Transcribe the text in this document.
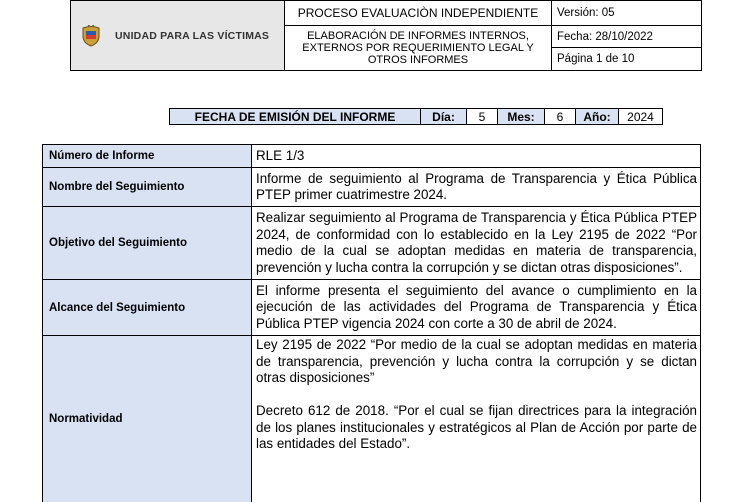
UNIDAD PARA LAS VÍCTIMAS
PROCESO EVALUACIÒN INDEPENDIENTE
ELABORACIÓN DE INFORMES INTERNOS, EXTERNOS POR REQUERIMIENTO LEGAL Y OTROS INFORMES
Versión: 05
Fecha: 28/10/2022
Página 1 de 10
FECHA DE EMISIÓN DEL INFORME	Día:	5	Mes:	6	Año:	2024
Número de Informe	RLE 1/3
Nombre del Seguimiento	Informe de seguimiento al Programa de Transparencia y Ética Pública PTEP primer cuatrimestre 2024.
Objetivo del Seguimiento	Realizar seguimiento al Programa de Transparencia y Ética Pública PTEP 2024, de conformidad con lo establecido en la Ley 2195 de 2022 “Por medio de la cual se adoptan medidas en materia de transparencia, prevención y lucha contra la corrupción y se dictan otras disposiciones”.
Alcance del Seguimiento	El informe presenta el seguimiento del avance o cumplimiento en la ejecución de las actividades del Programa de Transparencia y Ética Pública PTEP vigencia 2024 con corte a 30 de abril de 2024.
Normatividad	Ley 2195 de 2022 “Por medio de la cual se adoptan medidas en materia de transparencia, prevención y lucha contra la corrupción y se dictan otras disposiciones”

Decreto 612 de 2018. “Por el cual se fijan directrices para la integración de los planes institucionales y estratégicos al Plan de Acción por parte de las entidades del Estado”.
